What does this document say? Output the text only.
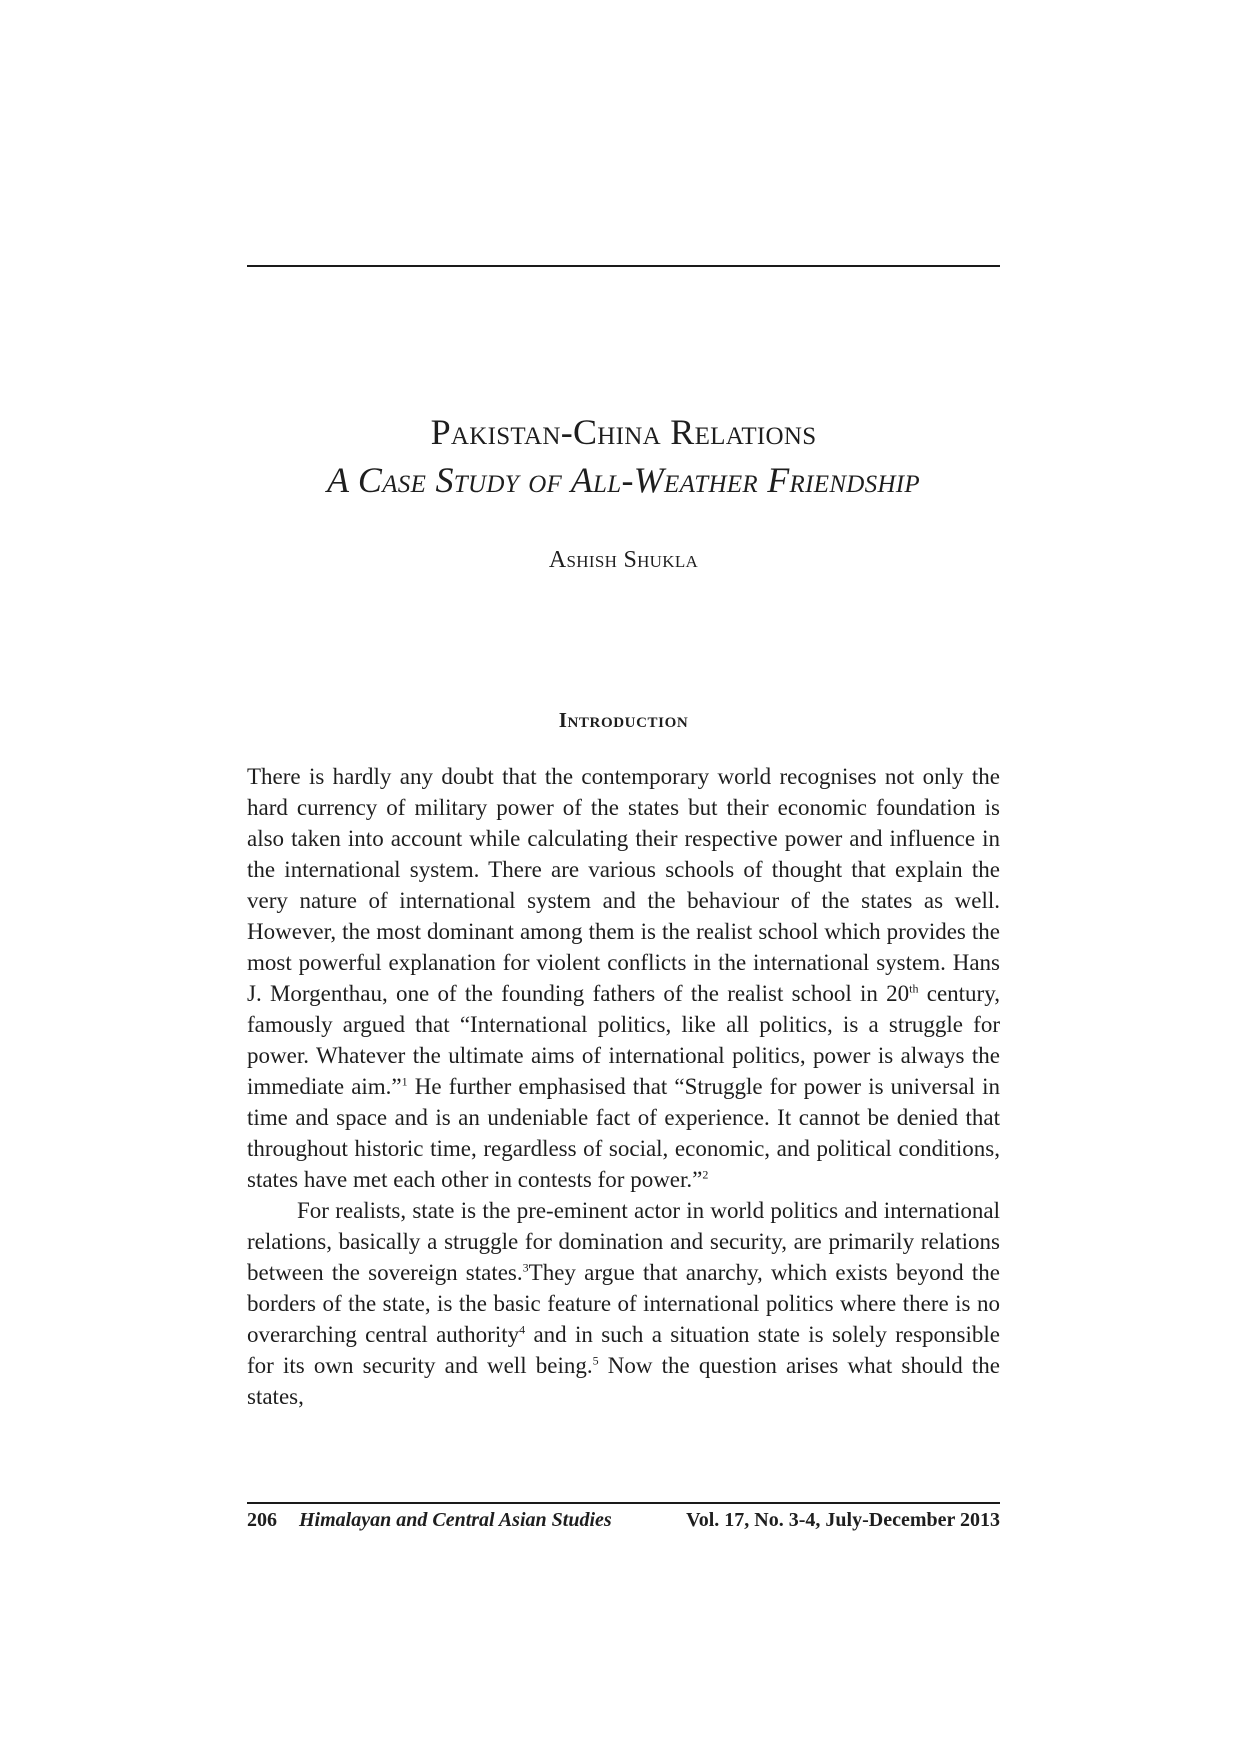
Pakistan-China Relations
A Case Study of All-Weather Friendship
Ashish Shukla
Introduction

There is hardly any doubt that the contemporary world recognises not only the hard currency of military power of the states but their economic foundation is also taken into account while calculating their respective power and influence in the international system. There are various schools of thought that explain the very nature of international system and the behaviour of the states as well. However, the most dominant among them is the realist school which provides the most powerful explanation for violent conflicts in the international system. Hans J. Morgenthau, one of the founding fathers of the realist school in 20th century, famously argued that “International politics, like all politics, is a struggle for power. Whatever the ultimate aims of international politics, power is always the immediate aim.”$^1$ He further emphasised that “Struggle for power is universal in time and space and is an undeniable fact of experience. It cannot be denied that throughout historic time, regardless of social, economic, and political conditions, states have met each other in contests for power.”$^2$

For realists, state is the pre-eminent actor in world politics and international relations, basically a struggle for domination and security, are primarily relations between the sovereign states.$^3$They argue that anarchy, which exists beyond the borders of the state, is the basic feature of international politics where there is no overarching central authority$^4$ and in such a situation state is solely responsible for its own security and well being.$^5$ Now the question arises what should the states,

206 Himalayan and Central Asian Studies	Vol. 17, No. 3-4, July-December 2013
